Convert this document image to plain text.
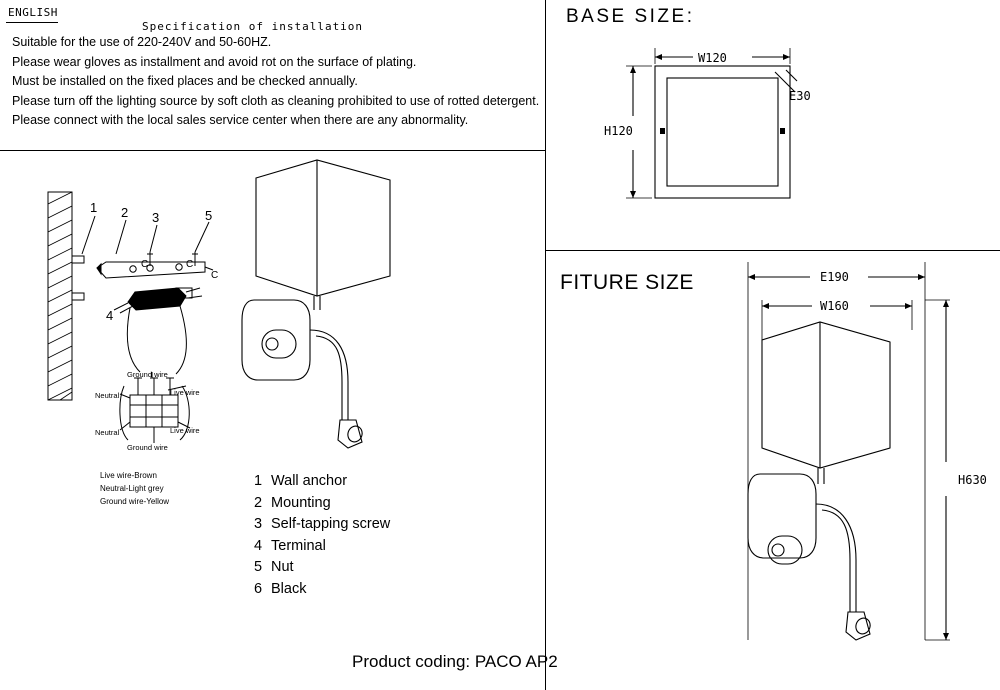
ENGLISH
Specification of installation
Suitable for the use of 220-240V and 50-60HZ.
Please wear gloves as installment and avoid rot on the surface of plating.
Must be installed on the fixed places and be checked annually.
Please turn off the lighting source by soft cloth as cleaning prohibited to use of rotted detergent.
Please connect with the local sales service center when there are any abnormality.
BASE SIZE:
FITURE SIZE
1 2 3	5
4
C	C
C
Ground wire
Live wire
Neutral
Neutral	Live wire
Ground wire
Live wire-Brown
Neutral-Light grey
Ground wire-Yellow
1 Wall anchor
2 Mounting
3 Self-tapping screw
4 Terminal
5 Nut
6 Black
W120
H120
E30
E190
W160
H630
Product coding: PACO AP2
